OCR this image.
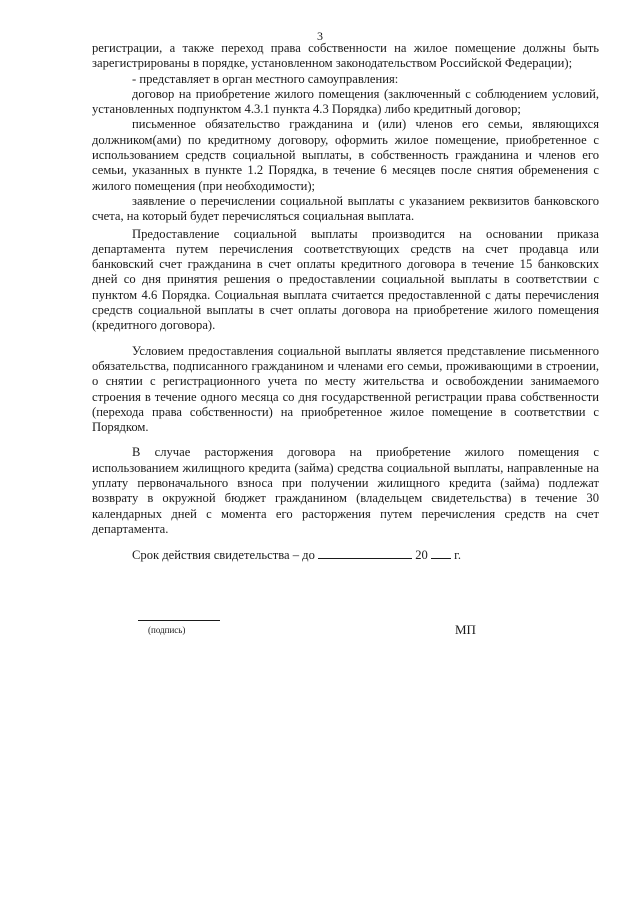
3

регистрации, а также переход права собственности на жилое помещение должны быть зарегистрированы в порядке, установленном законодательством Российской Федерации);

- представляет в орган местного самоуправления:

договор на приобретение жилого помещения (заключенный с соблюдением условий, установленных подпунктом 4.3.1 пункта 4.3 Порядка) либо кредитный договор;

письменное обязательство гражданина и (или) членов его семьи, являющихся должником(ами) по кредитному договору, оформить жилое помещение, приобретенное с использованием средств социальной выплаты, в собственность гражданина и членов его семьи, указанных в пункте 1.2 Порядка, в течение 6 месяцев после снятия обременения с жилого помещения (при необходимости);

заявление о перечислении социальной выплаты с указанием реквизитов банковского счета, на который будет перечисляться социальная выплата.

Предоставление социальной выплаты производится на основании приказа департамента путем перечисления соответствующих средств на счет продавца или банковский счет гражданина в счет оплаты кредитного договора в течение 15 банковских дней со дня принятия решения о предоставлении социальной выплаты в соответствии с пунктом 4.6 Порядка. Социальная выплата считается предоставленной с даты перечисления средств социальной выплаты в счет оплаты договора на приобретение жилого помещения (кредитного договора).

Условием предоставления социальной выплаты является представление письменного обязательства, подписанного гражданином и членами его семьи, проживающими в строении, о снятии с регистрационного учета по месту жительства и освобождении занимаемого строения в течение одного месяца со дня государственной регистрации права собственности (перехода права собственности) на приобретенное жилое помещение в соответствии с Порядком.

В случае расторжения договора на приобретение жилого помещения с использованием жилищного кредита (займа) средства социальной выплаты, направленные на уплату первоначального взноса при получении жилищного кредита (займа) подлежат возврату в окружной бюджет гражданином (владельцем свидетельства) в течение 30 календарных дней с момента его расторжения путем перечисления средств на счет департамента.

Срок действия свидетельства – до	20 г.

(подпись)	МП
